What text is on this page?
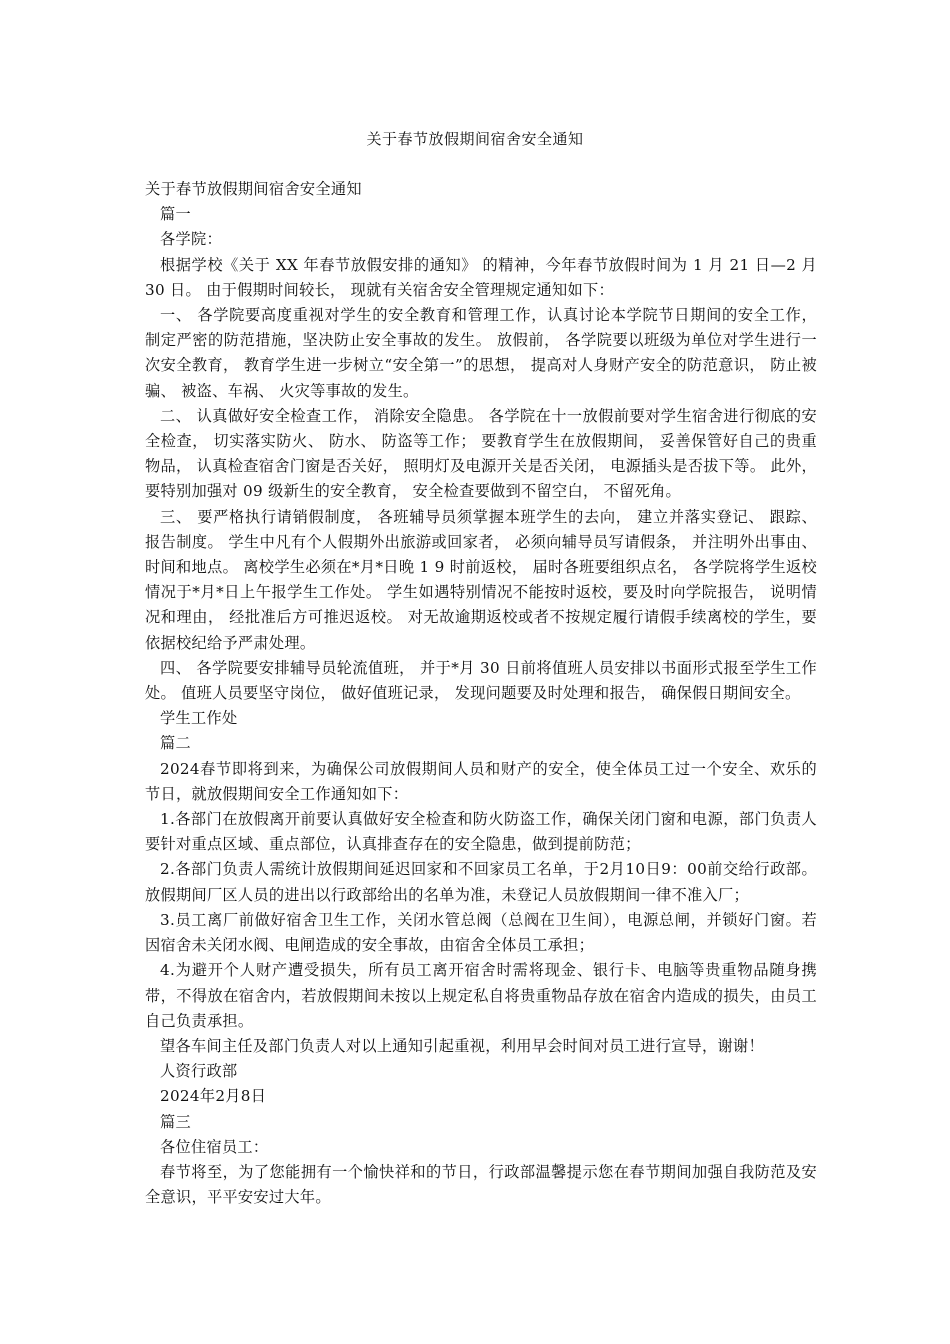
关于春节放假期间宿舍安全通知

关于春节放假期间宿舍安全通知

篇一

各学院：

根据学校《关于 XX 年春节放假安排的通知》 的精神，今年春节放假时间为 1 月 21 日—2 月 30 日。 由于假期时间较长， 现就有关宿舍安全管理规定通知如下：

一、 各学院要高度重视对学生的安全教育和管理工作，认真讨论本学院节日期间的安全工作， 制定严密的防范措施，坚决防止安全事故的发生。 放假前， 各学院要以班级为单位对学生进行一次安全教育， 教育学生进一步树立“安全第一”的思想， 提高对人身财产安全的防范意识， 防止被骗、 被盗、车祸、 火灾等事故的发生。

二、 认真做好安全检查工作， 消除安全隐患。 各学院在十一放假前要对学生宿舍进行彻底的安全检查， 切实落实防火、 防水、 防盗等工作； 要教育学生在放假期间， 妥善保管好自己的贵重物品， 认真检查宿舍门窗是否关好， 照明灯及电源开关是否关闭， 电源插头是否拔下等。 此外， 要特别加强对 09 级新生的安全教育， 安全检查要做到不留空白， 不留死角。

三、 要严格执行请销假制度， 各班辅导员须掌握本班学生的去向， 建立并落实登记、 跟踪、 报告制度。 学生中凡有个人假期外出旅游或回家者， 必须向辅导员写请假条， 并注明外出事由、 时间和地点。 离校学生必须在*月*日晚 1 9 时前返校， 届时各班要组织点名， 各学院将学生返校情况于*月*日上午报学生工作处。 学生如遇特别情况不能按时返校，要及时向学院报告， 说明情况和理由， 经批准后方可推迟返校。 对无故逾期返校或者不按规定履行请假手续离校的学生，要依据校纪给予严肃处理。

四、 各学院要安排辅导员轮流值班， 并于*月 30 日前将值班人员安排以书面形式报至学生工作处。 值班人员要坚守岗位， 做好值班记录， 发现问题要及时处理和报告， 确保假日期间安全。

学生工作处

篇二

2024春节即将到来，为确保公司放假期间人员和财产的安全，使全体员工过一个安全、欢乐的节日，就放假期间安全工作通知如下：

1.各部门在放假离开前要认真做好安全检查和防火防盗工作，确保关闭门窗和电源，部门负责人要针对重点区域、重点部位，认真排查存在的安全隐患，做到提前防范；

2.各部门负责人需统计放假期间延迟回家和不回家员工名单，于2月10日9：00前交给行政部。放假期间厂区人员的进出以行政部给出的名单为准，未登记人员放假期间一律不准入厂；

3.员工离厂前做好宿舍卫生工作，关闭水管总阀（总阀在卫生间），电源总闸，并锁好门窗。若因宿舍未关闭水阀、电闸造成的安全事故，由宿舍全体员工承担；

4.为避开个人财产遭受损失，所有员工离开宿舍时需将现金、银行卡、电脑等贵重物品随身携带，不得放在宿舍内，若放假期间未按以上规定私自将贵重物品存放在宿舍内造成的损失，由员工自己负责承担。

望各车间主任及部门负责人对以上通知引起重视，利用早会时间对员工进行宣导，谢谢！

人资行政部

2024年2月8日

篇三

各位住宿员工：

春节将至，为了您能拥有一个愉快祥和的节日，行政部温馨提示您在春节期间加强自我防范及安全意识，平平安安过大年。
